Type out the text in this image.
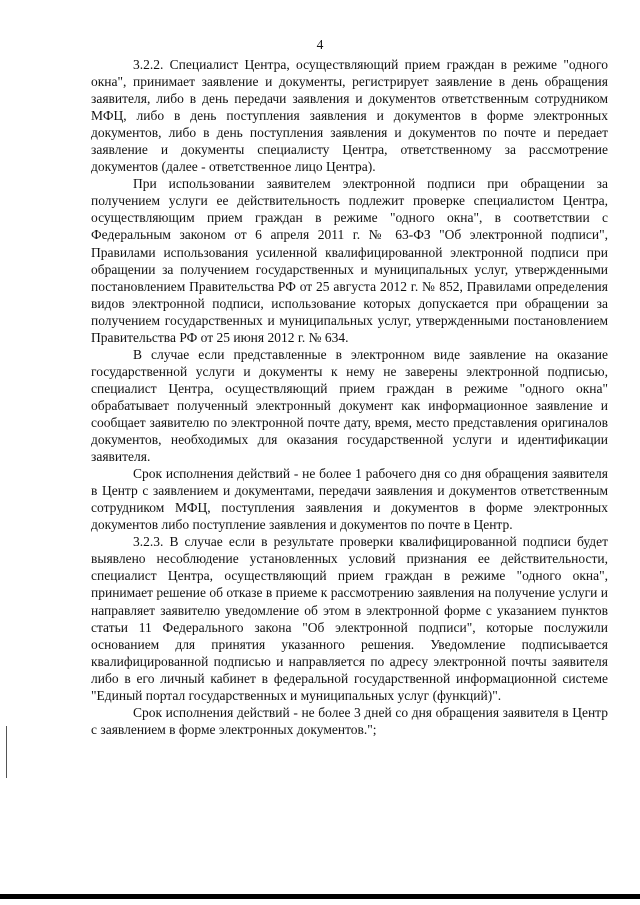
4

3.2.2. Специалист Центра, осуществляющий прием граждан в режиме "одного окна", принимает заявление и документы, регистрирует заявление в день обращения заявителя, либо в день передачи заявления и документов ответственным сотрудником МФЦ, либо в день поступления заявления и документов в форме электронных документов, либо в день поступления заявления и документов по почте и передает заявление и документы специалисту Центра, ответственному за рассмотрение документов (далее - ответственное лицо Центра).

При использовании заявителем электронной подписи при обращении за получением услуги ее действительность подлежит проверке специалистом Центра, осуществляющим прием граждан в режиме "одного окна", в соответствии с Федеральным законом от 6 апреля 2011 г. № 63-ФЗ "Об электронной подписи", Правилами использования усиленной квалифицированной электронной подписи при обращении за получением государственных и муниципальных услуг, утвержденными постановлением Правительства РФ от 25 августа 2012 г. № 852, Правилами определения видов электронной подписи, использование которых допускается при обращении за получением государственных и муниципальных услуг, утвержденными постановлением Правительства РФ от 25 июня 2012 г. № 634.

В случае если представленные в электронном виде заявление на оказание государственной услуги и документы к нему не заверены электронной подписью, специалист Центра, осуществляющий прием граждан в режиме "одного окна" обрабатывает полученный электронный документ как информационное заявление и сообщает заявителю по электронной почте дату, время, место представления оригиналов документов, необходимых для оказания государственной услуги и идентификации заявителя.

Срок исполнения действий - не более 1 рабочего дня со дня обращения заявителя в Центр с заявлением и документами, передачи заявления и документов ответственным сотрудником МФЦ, поступления заявления и документов в форме электронных документов либо поступление заявления и документов по почте в Центр.

3.2.3. В случае если в результате проверки квалифицированной подписи будет выявлено несоблюдение установленных условий признания ее действительности, специалист Центра, осуществляющий прием граждан в режиме "одного окна", принимает решение об отказе в приеме к рассмотрению заявления на получение услуги и направляет заявителю уведомление об этом в электронной форме с указанием пунктов статьи 11 Федерального закона "Об электронной подписи", которые послужили основанием для принятия указанного решения. Уведомление подписывается квалифицированной подписью и направляется по адресу электронной почты заявителя либо в его личный кабинет в федеральной государственной информационной системе "Единый портал государственных и муниципальных услуг (функций)".

Срок исполнения действий - не более 3 дней со дня обращения заявителя в Центр с заявлением в форме электронных документов.";
